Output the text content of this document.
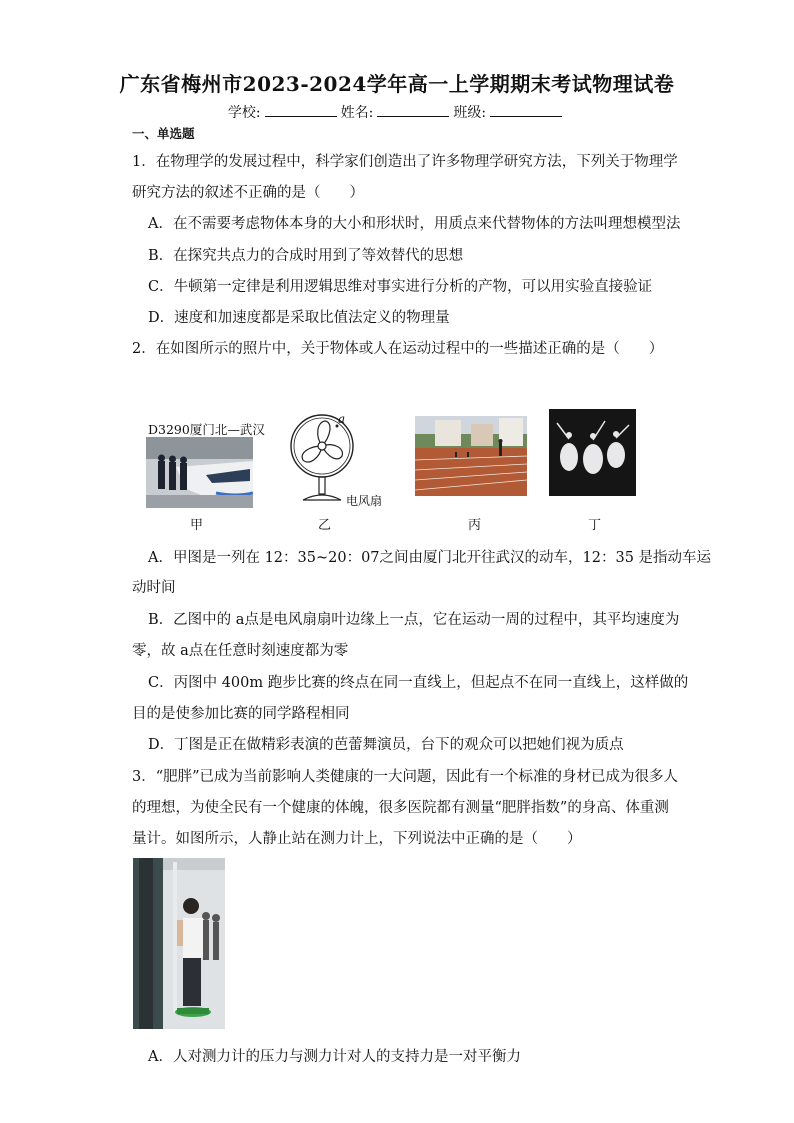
广东省梅州市2023-2024学年高一上学期期末考试物理试卷
学校:	姓名:	班级:
一、单选题
1．在物理学的发展过程中，科学家们创造出了许多物理学研究方法，下列关于物理学
研究方法的叙述不正确的是（　　）
A．在不需要考虑物体本身的大小和形状时，用质点来代替物体的方法叫理想模型法
B．在探究共点力的合成时用到了等效替代的思想
C．牛顿第一定律是利用逻辑思维对事实进行分析的产物，可以用实验直接验证
D．速度和加速度都是采取比值法定义的物理量
2．在如图所示的照片中，关于物体或人在运动过程中的一些描述正确的是（　　）
D3290厦门北—武汉
甲
a
电风扇
乙	丙	丁
A．甲图是一列在 12：35~20：07之间由厦门北开往武汉的动车，12：35 是指动车运
动时间
B．乙图中的 a点是电风扇扇叶边缘上一点，它在运动一周的过程中，其平均速度为
零，故 a点在任意时刻速度都为零
C．丙图中 400m 跑步比赛的终点在同一直线上，但起点不在同一直线上，这样做的
目的是使参加比赛的同学路程相同
D．丁图是正在做精彩表演的芭蕾舞演员，台下的观众可以把她们视为质点
3．“肥胖”已成为当前影响人类健康的一大问题，因此有一个标准的身材已成为很多人
的理想，为使全民有一个健康的体魄，很多医院都有测量“肥胖指数”的身高、体重测
量计。如图所示，人静止站在测力计上，下列说法中正确的是（　　）
A．人对测力计的压力与测力计对人的支持力是一对平衡力
